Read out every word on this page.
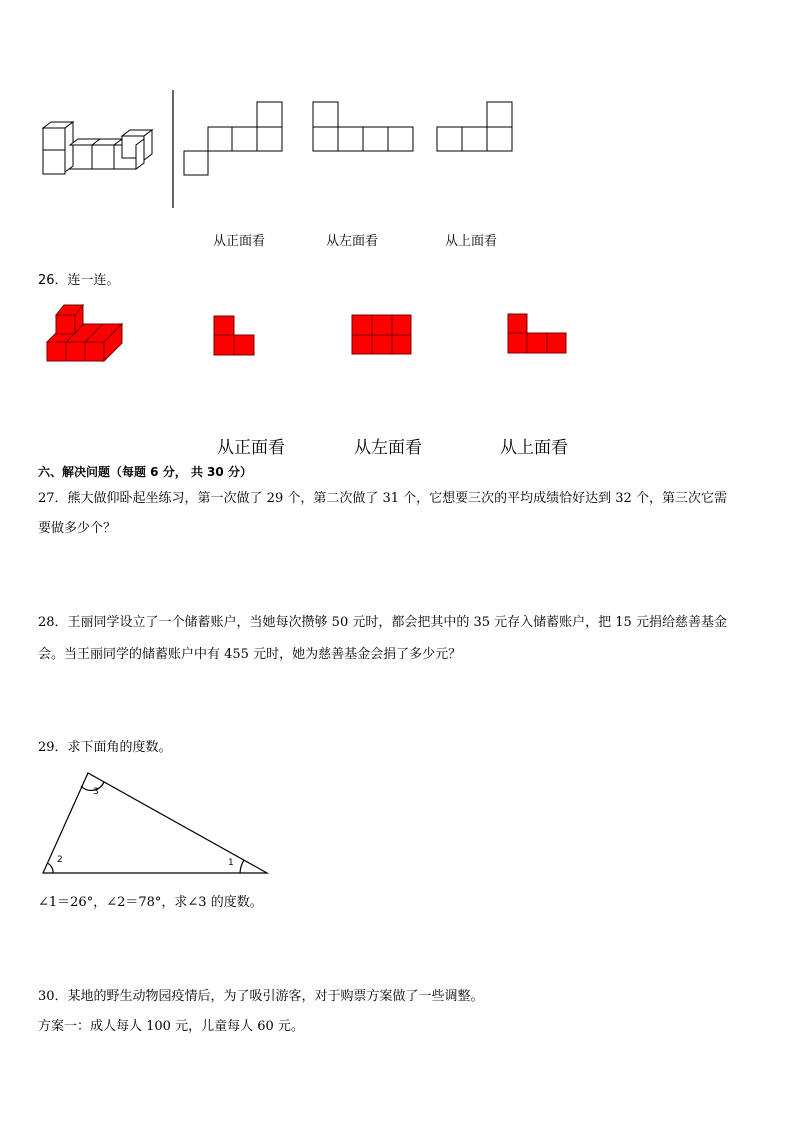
从正面看	从左面看	从上面看
26．连一连。
从正面看	从左面看	从上面看
六、解决问题（每题 6 分， 共 30 分）
27．熊大做仰卧起坐练习，第一次做了 29 个，第二次做了 31 个，它想要三次的平均成绩恰好达到 32 个，第三次它需
要做多少个？
28．王丽同学设立了一个储蓄账户，当她每次攒够 50 元时，都会把其中的 35 元存入储蓄账户，把 15 元捐给慈善基金
会。当王丽同学的储蓄账户中有 455 元时，她为慈善基金会捐了多少元？
29．求下面角的度数。
1
2
3
∠1＝26°，∠2＝78°，求∠3 的度数。
30．某地的野生动物园疫情后，为了吸引游客，对于购票方案做了一些调整。
方案一：成人每人 100 元，儿童每人 60 元。
